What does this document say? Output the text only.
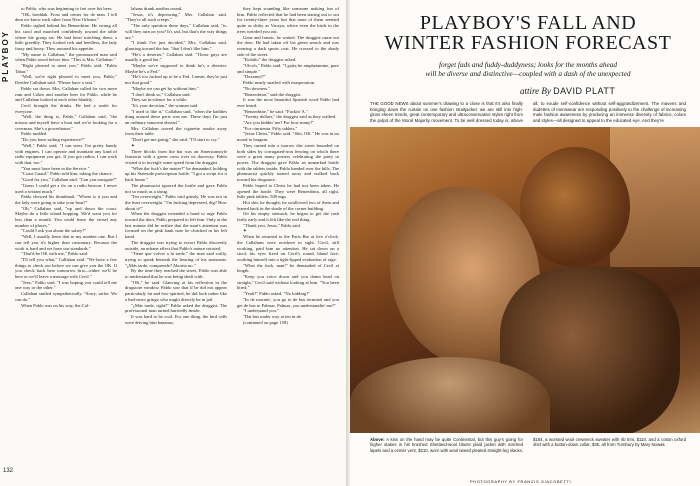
PLAYBOY

to Pablo, who was beginning to fret over his beer.

"OK, breddah. Frost and center for de man. I tell dem we know each other from New Orleans."

Pablo sighed behind his Benzedrine. He swung all his stool and marched confidently toward the table where the group sat. He had been watching them, a little greedily. They looked rich and heedless, the lady fussy and bossy. They aroused his appetite.

"My name is Callahan," the pronounced man said when Pablo stood before him. "This is Mrs. Callahan."

"Right pleased to meet you," Pablo said. "Pablo Tabor."

"Well, we're right pleased to meet you, Pablo," Deedee Callahan said. "Please have a seat."

Pablo sat down. Mrs. Callahan called for two more rum and Cokes and another beer for Pablo, while he and Callahan looked at each other blankly.

Cecil brought the drinks. He had a smile for everyone.

"Well, the thing is, Pablo," Callahan said, "the missus and myself have a boat and we're looking for a crewman. She's a powerhouse."

Pablo nodded.

"Do you have sailing experience?"

"Well," Pablo said, "I can steer. I'm pretty handy with engines. I can operate and maintain any kind of radio equipment you got. If you got radios, I can work with that, too."

"You must have been in the Service."

"Coast Guard," Pablo told him, taking the chance.

"Good for you," Callahan said. "Can you navigate?"

"Guess I could get a fix on a radio beacon. I never used a sextant much."

Pablo chewed his thumbnail. "Where is it you and the lady were going to take your boat?"

"Oh," Callahan said, "up and down the coast. Maybe do a little island hopping. We'd want you for less than a month. You could leave the vessel any number of places."

"Could I ask you about the salary?"

"Well, I usually leave that to my number one. But I can tell you it's higher than customary. Because the work is hard and we have our standards."

"That'd be OK with me," Pablo said.

"I'll tell you what," Callahan said. "We have a few things to check out before we can give you the OK. If you check back here tomorrow first—either we'll be here or we'll leave a message with Cecil."

"Jeez," Pablo said. "I was hoping you could tell me one way or the other."

Callahan smiled sympathetically. "Sorry, sailor. We can do."

When Pablo was on his way, the Cal-

lahans drank another round.

"Jesus, it's depressing," Mrs. Callahan said. "They're all such creeps."

"The only question these days," Callahan said, "is, will they turn on you? It's sad, but that's the way things are."

"I think I've just decided," Mrs. Callahan said, glancing toward the bar, "that I don't like him."

"He's a deserter," Callahan said. "Those guys are usually a good bet."

"Maybe we're supposed to think he's a deserter. Maybe he's a Fed."

"He's too fucked up to be a Fed. I mean, they're just not that good."

"Maybe we can get by without him."

"I don't think so," Callahan said.

They sat in silence for a while.

"It's your decision," the woman said.

"I used to like it," Callahan said, "when the baddies thing around these parts was me. These days I'm just an ordinary innocent abroad."

Mrs. Callahan waved the cigarette smoke away from their table.

"Don't get me going," she said. "I'll start to cry."

✦

Three blocks from the bar was an Americanstyle farmacia with a green cross over its doorway. Pablo visited it to inveigle some speed from the druggist.

"What the fuck's the matter?" he demanded, holding up his Stateside prescription bottle. "I got a script for it back home."

The pharmacist ignored the bottle and gave Pablo not so much as a shrug.

"I'm overweight," Pablo said grimly. He was not in the least overweight. "I'm fucking depressed, dig? How about it?"

When the druggist extended a hand to urge Pablo toward the door, Pablo prepared to left him. Only at the last minute did he realize that the man's attention was focused on the pink bank note he clutched in his left hand.

The druggist was trying to escort Pablo discreetly outside, an urbane effect that Pablo's nature resisted.

"Tiene que volver a la tarde," the man said softly, trying to speak beneath the hearing of his assistants. "¿Más tarde, comprende? Ahorita no."

By the time they reached the street, Pablo was able to understand that he was being dealt with.

"OK," he said. Glancing at his reflection in the drugstore window, Pablo saw that if he did not appear particularly fat and low-spirited, he did look rather like a bad-news gringo who might directly be in jail.

"¿Más tarde, right?" Pablo asked the druggist. The professional man turned hurriedly inside.

It was hard to be cool. For one thing, the bird calls were driving him bananas;

they kept sounding like someone making fun of him. Pablo reflected that he had been staring out to sea for twenty-three years but that none of them seemed quite as shitty as Vacaya, where even the birds in the trees weirded you out.

Gene and frantic, he waited. The druggist came out the door. He had taken off his green smock and was wearing a dark sports coat. He crossed to the shady side of the street.

"Kolalio" the druggist asked.

"Uh-oh," Pablo said. "I gotta be amphetamine, pure and simple."

"Dexamyl?"

Pablo nearly snarled with exasperation.

"No downers."

"Benzedrina," said the druggist.

It was the most beautiful Spanish word Pablo had ever heard.

"Benzedrine," he said. "Fuckin' A."

"Twenty dollars," the druggist said as they walked.

"Are you kiddin' me? For how many?"

"For cincuenta. Fifty tablets."

"Jesus Christ," Pablo said. "Shit, OK." He was in no mood to bargain.

They turned into a narrow dirt street bounded on both sides by corrugated-iron fencing on which there were a great many posters celebrating the party in power. The druggist gave Pablo an unmarked bottle with the tablets inside. Pablo handed over the bills. The pharmacist quickly turned away and walked back toward his drugstore.

Pablo hoped to Christ he had not been taken. He opened the bottle. They were Benzedrina, all right, little pink tablets, 500 mgs.

Hot shit, he thought; he swallowed two of them and leaned back in the shade of the corner building.

On his empty stomach, he began to get the rush fairly early and it felt like the real thing.

"Thank you, Jesus," Pablo said.

✦

When he returned to the Paris Bar at five o'clock, the Callahans were nowhere in sight. Cecil, still working, paid him no attention. He sat down on a stool, his eyes fixed on Cecil's round, bland face, working himself into a tight-lipped evaluation of rage.

"What the fuck, man!" he demanded of Cecil at length.

"Keep you voice down and you damn head on straight," Cecil said without looking at him. "You been hired."

"Yeah?" Pablo asked. "No kidding?"

"In de mornin', you go to de bus terminal and you get de bus to Palmas. Palmas, you understandin' me?"

"I understand you."

"Dat bus under way at ten in de

(continued on page 158)

132
PLAYBOY'S FALL AND
WINTER FASHION FORECAST
forget fads and fuddy-duddyness; looks for the months ahead
will be diverse and distinctive—coupled with a dash of the unexpected
attire By DAVID PLATT

THE GOOD NEWS about summer's drawing to a close is that it's also finally bringing down the curtain on one fashion straitjacket: we are still into high-gloss sheen trends, great contemporary and ultraconservative styles right from the pulpit of the Moral Majority movement. To be well dressed today is, above all, to exude self-confidence without self-aggrandizement. The mavens and dudettes of menswear are responding positively to the challenge of increasing male fashion awareness by producing an immense diversity of fabrics, colors and styles—all designed to appeal to the educated eye. And they're

Above: A kiss on the hand may be quite Continental, but this guy's going for higher stakes in his brushed Shetland-wool blazer plaid jacket with notched lapels and a center vent, $210, worn with wool tweed pleated straight-leg slacks, $184, a worsted wool crewneck sweater with rib trim, $110, and a cotton oxford shirt with a button-down collar, $35, all from Turnbury by Mary Nowak.

PHOTOGRAPHY BY FRANCIS GIACOBETTI
